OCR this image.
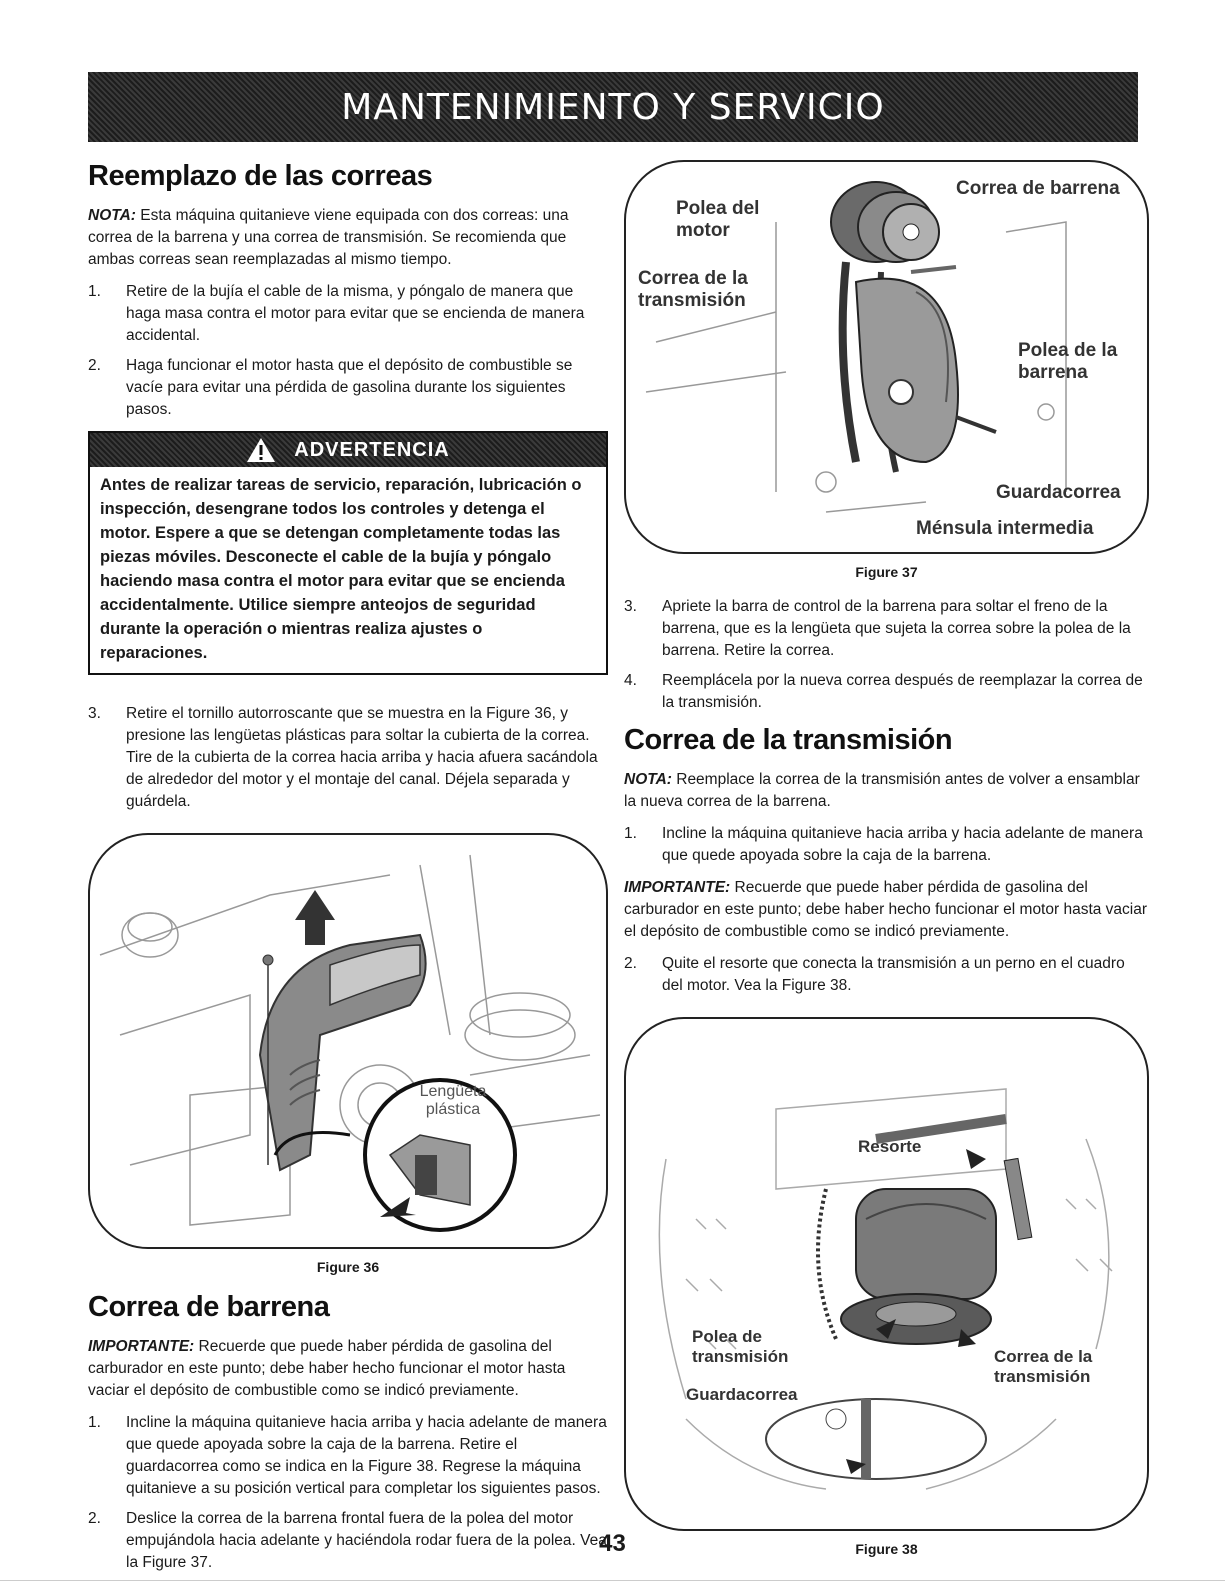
MANTENIMIENTO Y SERVICIO
Reemplazo de las correas

NOTA: Esta máquina quitanieve viene equipada con dos correas: una correa de la barrena y una correa de transmisión. Se recomienda que ambas correas sean reemplazadas al mismo tiempo.

1.	Retire de la bujía el cable de la misma, y póngalo de manera que haga masa contra el motor para evitar que se encienda de manera accidental.
2.	Haga funcionar el motor hasta que el depósito de combustible se vacíe para evitar una pérdida de gasolina durante los siguientes pasos.
ADVERTENCIA
Antes de realizar tareas de servicio, reparación, lubricación o inspección, desengrane todos los controles y detenga el motor. Espere a que se detengan completamente todas las piezas móviles. Desconecte el cable de la bujía y póngalo haciendo masa contra el motor para evitar que se encienda accidentalmente. Utilice siempre anteojos de seguridad durante la operación o mientras realiza ajustes o reparaciones.
3.	Retire el tornillo autorroscante que se muestra en la Figure 36, y presione las lengüetas plásticas para soltar la cubierta de la correa. Tire de la cubierta de la correa hacia arriba y hacia afuera sacándola de alrededor del motor y el montaje del canal. Déjela separada y guárdela.
Lengüeta plástica
Figure 36
Correa de barrena

IMPORTANTE: Recuerde que puede haber pérdida de gasolina del carburador en este punto; debe haber hecho funcionar el motor hasta vaciar el depósito de combustible como se indicó previamente.

1.	Incline la máquina quitanieve hacia arriba y hacia adelante de manera que quede apoyada sobre la caja de la barrena. Retire el guardacorrea como se indica en la Figure 38. Regrese la máquina quitanieve a su posición vertical para completar los siguientes pasos.
2.	Deslice la correa de la barrena frontal fuera de la polea del motor empujándola hacia adelante y haciéndola rodar fuera de la polea. Vea la Figure 37.
Polea del motor
Correa de la transmisión
Correa de barrena
Polea de la barrena
Guardacorrea
Ménsula intermedia
Figure 37
3.	Apriete la barra de control de la barrena para soltar el freno de la barrena, que es la lengüeta que sujeta la correa sobre la polea de la barrena. Retire la correa.
4.	Reemplácela por la nueva correa después de reemplazar la correa de la transmisión.
Correa de la transmisión

NOTA: Reemplace la correa de la transmisión antes de volver a ensamblar la nueva correa de la barrena.

1.	Incline la máquina quitanieve hacia arriba y hacia adelante de manera que quede apoyada sobre la caja de la barrena.

IMPORTANTE: Recuerde que puede haber pérdida de gasolina del carburador en este punto; debe haber hecho funcionar el motor hasta vaciar el depósito de combustible como se indicó previamente.

2.	Quite el resorte que conecta la transmisión a un perno en el cuadro del motor. Vea la Figure 38.
Resorte
Polea de transmisión	Correa de la transmisión
Guardacorrea
Figure 38
43
